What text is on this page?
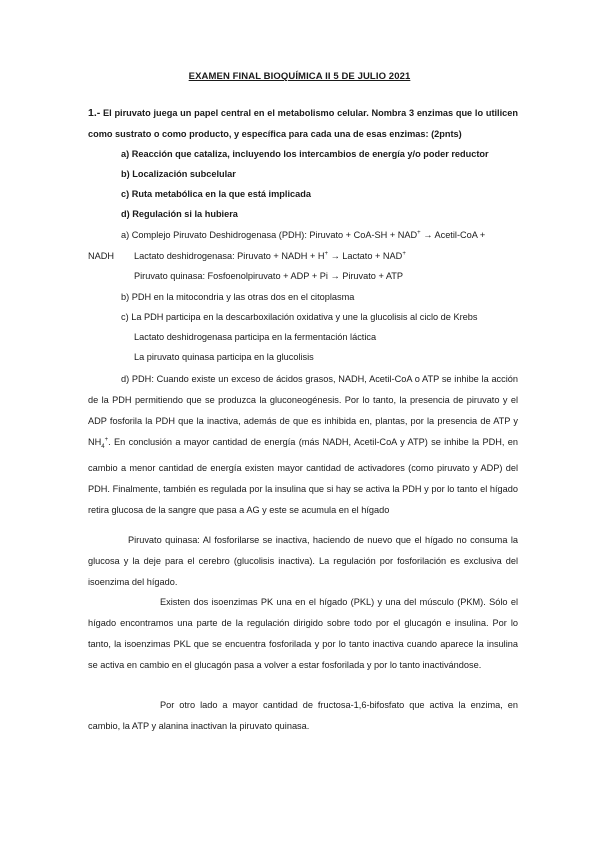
EXAMEN FINAL BIOQUÍMICA II 5 DE JULIO 2021
1.- El piruvato juega un papel central en el metabolismo celular. Nombra 3 enzimas que lo utilicen como sustrato o como producto, y específica para cada una de esas enzimas: (2pnts)
a) Reacción que cataliza, incluyendo los intercambios de energía y/o poder reductor
b) Localización subcelular
c) Ruta metabólica en la que está implicada
d) Regulación si la hubiera
a) Complejo Piruvato Deshidrogenasa (PDH): Piruvato + CoA-SH + NAD+ → Acetil-CoA +
NADH Lactato deshidrogenasa: Piruvato + NADH + H+ → Lactato + NAD+
Piruvato quinasa: Fosfoenolpiruvato + ADP + Pi → Piruvato + ATP
b) PDH en la mitocondria y las otras dos en el citoplasma
c) La PDH participa en la descarboxilación oxidativa y une la glucolisis al ciclo de Krebs
Lactato deshidrogenasa participa en la fermentación láctica
La piruvato quinasa participa en la glucolisis
d) PDH: Cuando existe un exceso de ácidos grasos, NADH, Acetil-CoA o ATP se inhibe la acción de la PDH permitiendo que se produzca la gluconeogénesis. Por lo tanto, la presencia de piruvato y el ADP fosforila la PDH que la inactiva, además de que es inhibida en, plantas, por la presencia de ATP y $NH_4^+$. En conclusión a mayor cantidad de energía (más NADH, Acetil-CoA y ATP) se inhibe la PDH, en cambio a menor cantidad de energía existen mayor cantidad de activadores (como piruvato y ADP) del PDH. Finalmente, también es regulada por la insulina que si hay se activa la PDH y por lo tanto el hígado retira glucosa de la sangre que pasa a AG y este se acumula en el hígado
Piruvato quinasa: Al fosforilarse se inactiva, haciendo de nuevo que el hígado no consuma la glucosa y la deje para el cerebro (glucolisis inactiva). La regulación por fosforilación es exclusiva del isoenzima del hígado.
Existen dos isoenzimas PK una en el hígado (PKL) y una del músculo (PKM). Sólo el hígado encontramos una parte de la regulación dirigido sobre todo por el glucagón e insulina. Por lo tanto, la isoenzimas PKL que se encuentra fosforilada y por lo tanto inactiva cuando aparece la insulina se activa en cambio en el glucagón pasa a volver a estar fosforilada y por lo tanto inactivándose.
Por otro lado a mayor cantidad de fructosa-1,6-bifosfato que activa la enzima, en cambio, la ATP y alanina inactivan la piruvato quinasa.
